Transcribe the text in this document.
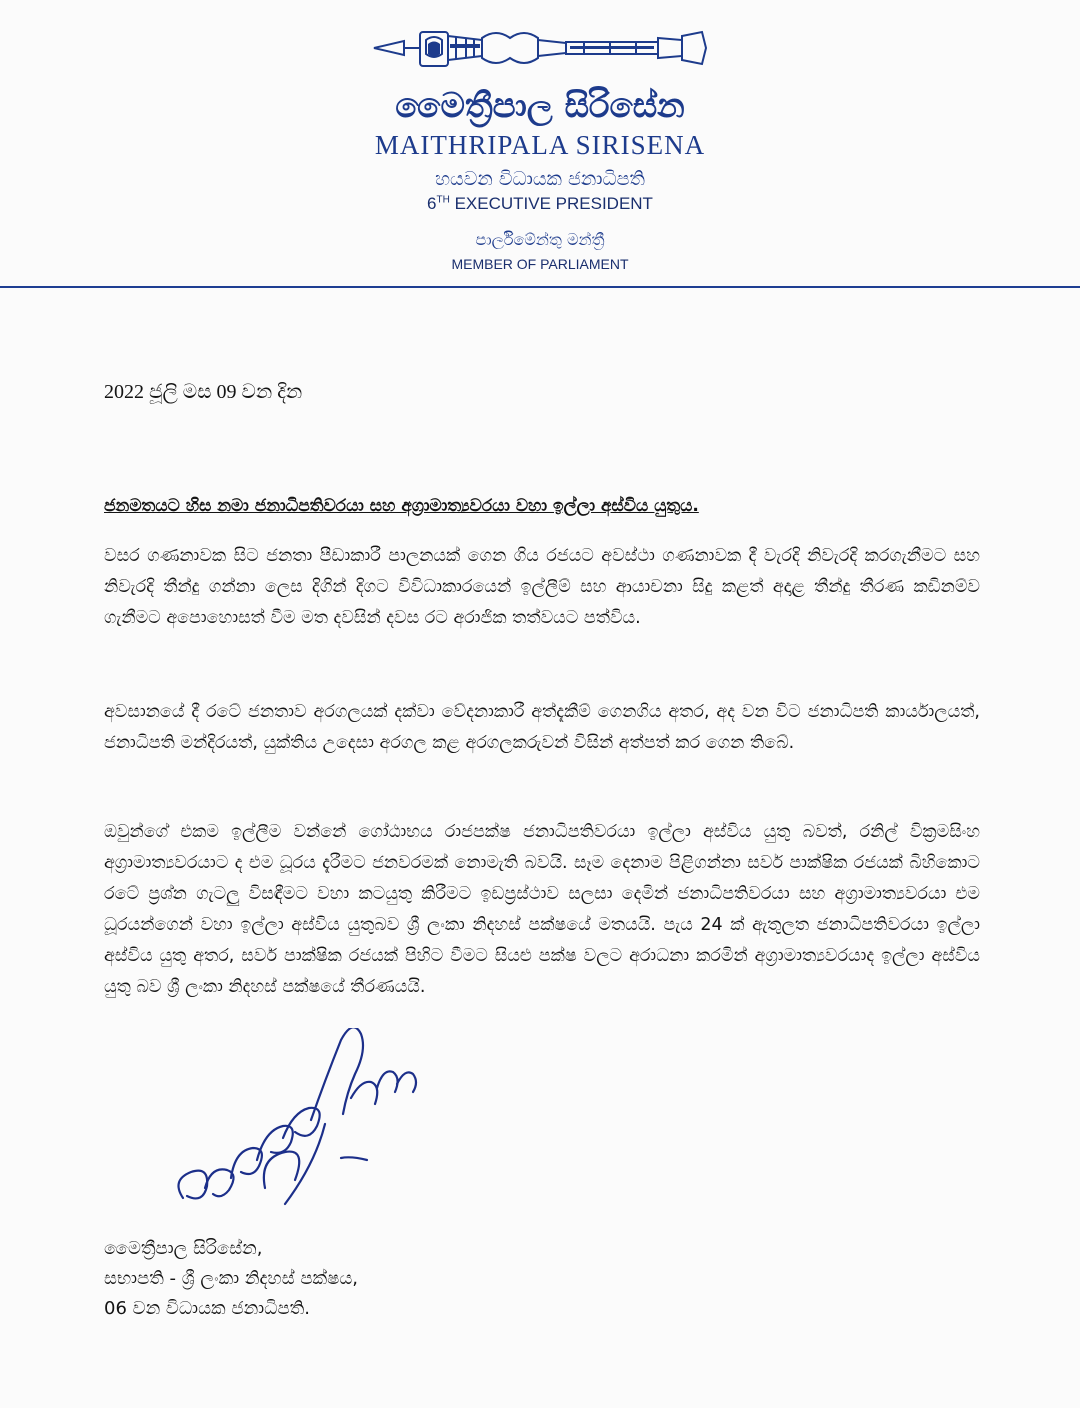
මෛත්‍රීපාල සිරිසේන
MAITHRIPALA SIRISENA
හයවන විධායක ජනාධිපති
6TH EXECUTIVE PRESIDENT
පාර්ලිමේන්තු මන්ත්‍රී
MEMBER OF PARLIAMENT
2022 ජූලි මස 09 වන දින
ජනමතයට හිස නමා ජනාධිපතිවරයා සහ අග්‍රාමාත්‍යවරයා වහා ඉල්ලා අස්විය යුතුය.

වසර ගණනාවක සිට ජනතා පීඩාකාරී පාලනයක් ගෙන ගිය රජයට අවස්ථා ගණනාවක දී වැරදි නිවැරදි කරගැනීමට සහ නිවැරදි තීන්දු ගන්නා ලෙස දිගින් දිගට විවිධාකාරයෙන් ඉල්ලීම් සහ ආයාචනා සිදු කළත් අදාළ තීන්දු තීරණ කඩිනම්ව ගැනීමට අපොහොසත් වීම මත දවසින් දවස රට අරාජික තත්වයට පත්විය.

අවසානයේ දී රටේ ජනතාව අරගලයක් දක්වා වේදනාකාරී අත්දැකීම් ගෙනගිය අතර, අද වන විට ජනාධිපති කාර්යාලයත්, ජනාධිපති මන්දිරයත්, යුක්තිය උදෙසා අරගල කළ අරගලකරුවන් විසින් අත්පත් කර ගෙන තිබේ.

ඔවුන්ගේ එකම ඉල්ලීම වන්නේ ගෝඨාභය රාජපක්ෂ ජනාධිපතිවරයා ඉල්ලා අස්විය යුතු බවත්, රනිල් වික්‍රමසිංහ අග්‍රාමාත්‍යවරයාට ද එම ධූරය දැරීමට ජනවරමක් නොමැති බවයි. සෑම දෙනාම පිළිගන්නා සර්ව පාක්ෂික රජයක් බිහිකොට රටේ ප්‍රශ්න ගැටලු විසඳීමට වහා කටයුතු කිරීමට ඉඩප්‍රස්ථාව සලසා දෙමින් ජනාධිපතිවරයා සහ අග්‍රාමාත්‍යවරයා එම ධූරයන්ගෙන් වහා ඉල්ලා අස්විය යුතුබව ශ්‍රී ලංකා නිදහස් පක්ෂයේ මතයයි. පැය 24 ක් ඇතුලත ජනාධිපතිවරයා ඉල්ලා අස්විය යුතු අතර, සර්ව පාක්ෂික රජයක් පිහිට වීමට සියළු පක්ෂ වලට අරාධනා කරමින් අග්‍රාමාත්‍යවරයාද ඉල්ලා අස්විය යුතු බව ශ්‍රී ලංකා නිදහස් පක්ෂයේ තීරණයයි.

මෛත්‍රීපාල සිරිසේන,
සභාපති - ශ්‍රී ලංකා නිදහස් පක්ෂය,
06 වන විධායක ජනාධිපති.
